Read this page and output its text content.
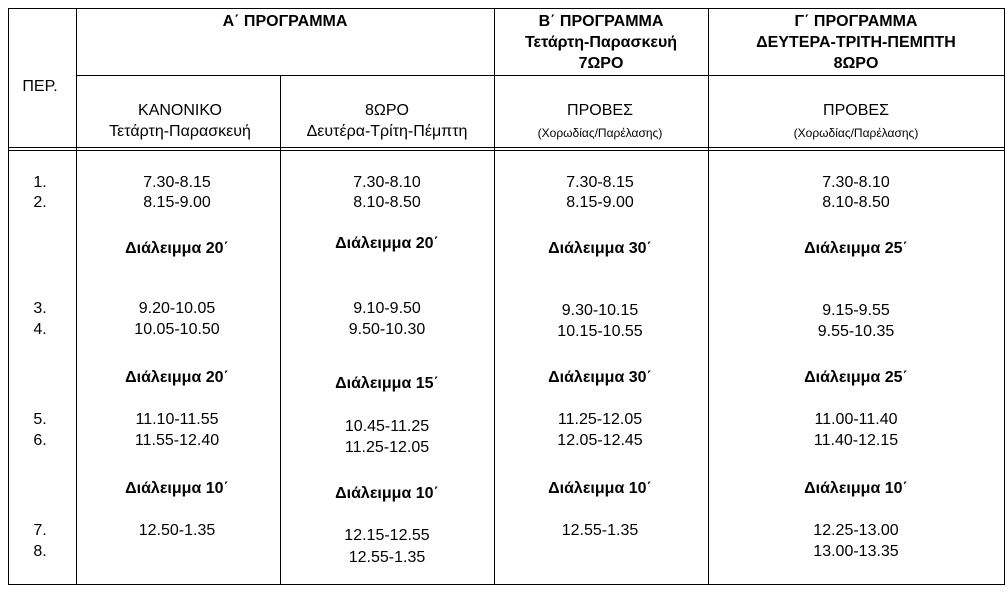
Α΄ ΠΡΟΓΡΑΜΜΑ	Β΄ ΠΡΟΓΡΑΜΜΑ
Τετάρτη-Παρασκευή
7ΩΡΟ
Γ΄ ΠΡΟΓΡΑΜΜΑ
ΔΕΥΤΕΡΑ-ΤΡΙΤΗ-ΠΕΜΠΤΗ
8ΩΡΟ
ΠΕΡ.
ΚΑΝΟΝΙΚΟ
Τετάρτη-Παρασκευή
8ΩΡΟ
Δευτέρα-Τρίτη-Πέμπτη
ΠΡΟΒΕΣ
(Χορωδίας/Παρέλασης)
ΠΡΟΒΕΣ
(Χορωδίας/Παρέλασης)
1.
2.
3.
4.
5.
6.
7.
8.
7.30-8.15
8.15-9.00
Διάλειμμα 20΄
9.20-10.05
10.05-10.50
Διάλειμμα 20΄
11.10-11.55
11.55-12.40
Διάλειμμα 10΄
12.50-1.35
7.30-8.10
8.10-8.50
Διάλειμμα 20΄
9.10-9.50
9.50-10.30
Διάλειμμα 15΄
10.45-11.25
11.25-12.05
Διάλειμμα 10΄
12.15-12.55
12.55-1.35
7.30-8.15
8.15-9.00
Διάλειμμα 30΄
9.30-10.15
10.15-10.55
Διάλειμμα 30΄
11.25-12.05
12.05-12.45
Διάλειμμα 10΄
12.55-1.35
7.30-8.10
8.10-8.50
Διάλειμμα 25΄
9.15-9.55
9.55-10.35
Διάλειμμα 25΄
11.00-11.40
11.40-12.15
Διάλειμμα 10΄
12.25-13.00
13.00-13.35
